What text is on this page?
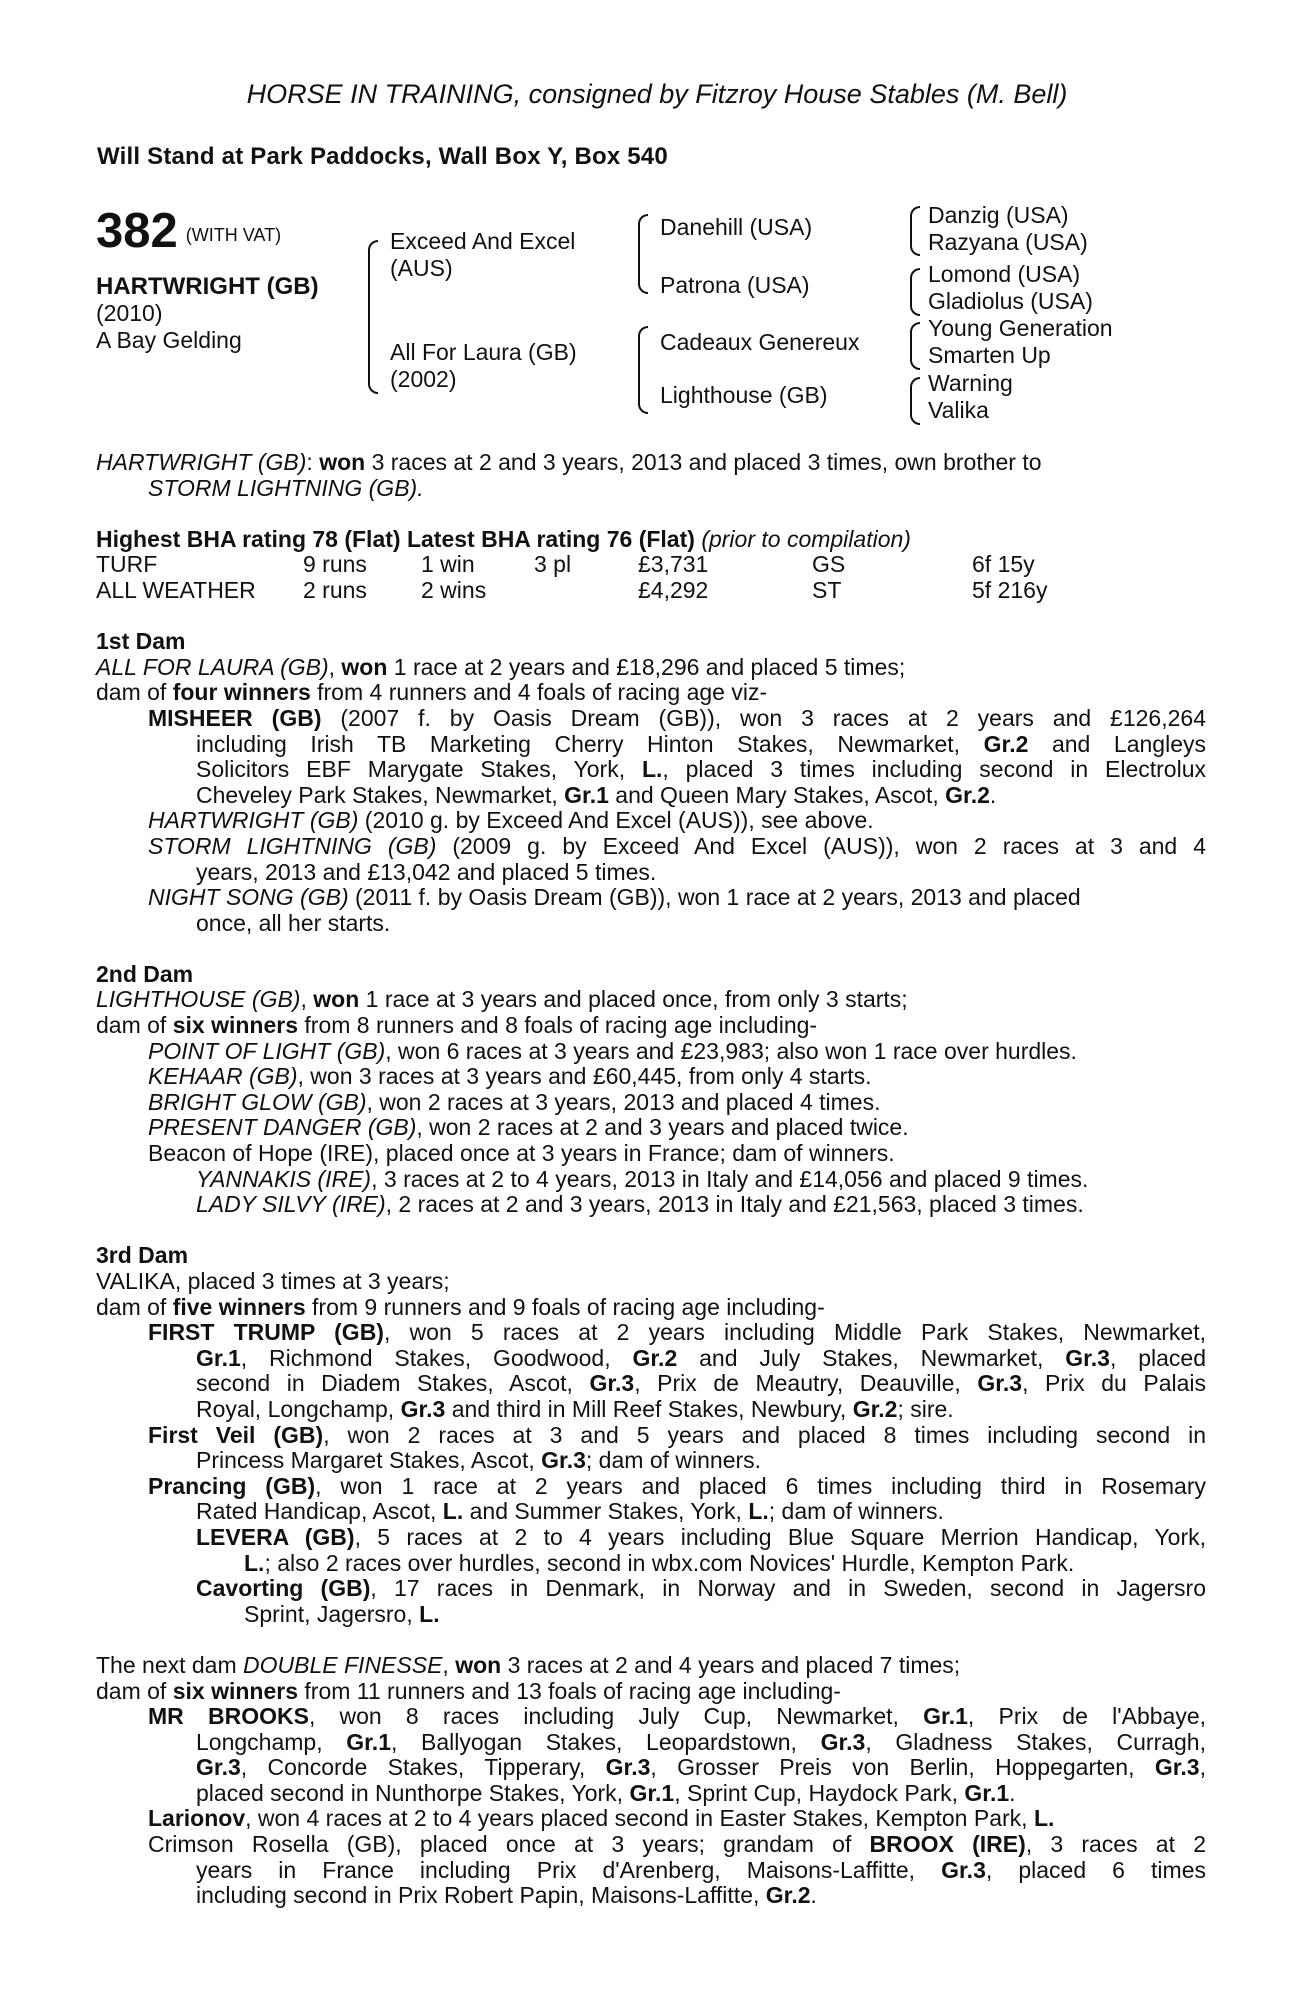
HORSE IN TRAINING, consigned by Fitzroy House Stables (M. Bell)
Will Stand at Park Paddocks, Wall Box Y, Box 540
382 (WITH VAT)
HARTWRIGHT (GB)
(2010)
A Bay Gelding
Exceed And Excel
(AUS)
All For Laura (GB)
(2002)
Danehill (USA)
Patrona (USA)
Cadeaux Genereux
Lighthouse (GB)
Danzig (USA)
Razyana (USA)
Lomond (USA)
Gladiolus (USA)
Young Generation
Smarten Up
Warning
Valika
HARTWRIGHT (GB): won 3 races at 2 and 3 years, 2013 and placed 3 times, own brother to
STORM LIGHTNING (GB).
Highest BHA rating 78 (Flat) Latest BHA rating 76 (Flat) (prior to compilation)
TURF	9 runs 1 win	3 pl	£3,731	GS	6f 15y
ALL WEATHER 2 runs 2 wins	£4,292	ST	5f 216y
1st Dam
ALL FOR LAURA (GB), won 1 race at 2 years and £18,296 and placed 5 times;
dam of four winners from 4 runners and 4 foals of racing age viz-
MISHEER (GB) (2007 f. by Oasis Dream (GB)), won 3 races at 2 years and £126,264
including Irish TB Marketing Cherry Hinton Stakes, Newmarket, Gr.2 and Langleys
Solicitors EBF Marygate Stakes, York, L., placed 3 times including second in Electrolux
Cheveley Park Stakes, Newmarket, Gr.1 and Queen Mary Stakes, Ascot, Gr.2.
HARTWRIGHT (GB) (2010 g. by Exceed And Excel (AUS)), see above.
STORM LIGHTNING (GB) (2009 g. by Exceed And Excel (AUS)), won 2 races at 3 and 4
years, 2013 and £13,042 and placed 5 times.
NIGHT SONG (GB) (2011 f. by Oasis Dream (GB)), won 1 race at 2 years, 2013 and placed
once, all her starts.
2nd Dam
LIGHTHOUSE (GB), won 1 race at 3 years and placed once, from only 3 starts;
dam of six winners from 8 runners and 8 foals of racing age including-
POINT OF LIGHT (GB), won 6 races at 3 years and £23,983; also won 1 race over hurdles.
KEHAAR (GB), won 3 races at 3 years and £60,445, from only 4 starts.
BRIGHT GLOW (GB), won 2 races at 3 years, 2013 and placed 4 times.
PRESENT DANGER (GB), won 2 races at 2 and 3 years and placed twice.
Beacon of Hope (IRE), placed once at 3 years in France; dam of winners.
YANNAKIS (IRE), 3 races at 2 to 4 years, 2013 in Italy and £14,056 and placed 9 times.
LADY SILVY (IRE), 2 races at 2 and 3 years, 2013 in Italy and £21,563, placed 3 times.
3rd Dam
VALIKA, placed 3 times at 3 years;
dam of five winners from 9 runners and 9 foals of racing age including-
FIRST TRUMP (GB), won 5 races at 2 years including Middle Park Stakes, Newmarket,
Gr.1, Richmond Stakes, Goodwood, Gr.2 and July Stakes, Newmarket, Gr.3, placed
second in Diadem Stakes, Ascot, Gr.3, Prix de Meautry, Deauville, Gr.3, Prix du Palais
Royal, Longchamp, Gr.3 and third in Mill Reef Stakes, Newbury, Gr.2; sire.
First Veil (GB), won 2 races at 3 and 5 years and placed 8 times including second in
Princess Margaret Stakes, Ascot, Gr.3; dam of winners.
Prancing (GB), won 1 race at 2 years and placed 6 times including third in Rosemary
Rated Handicap, Ascot, L. and Summer Stakes, York, L.; dam of winners.
LEVERA (GB), 5 races at 2 to 4 years including Blue Square Merrion Handicap, York,
L.; also 2 races over hurdles, second in wbx.com Novices' Hurdle, Kempton Park.
Cavorting (GB), 17 races in Denmark, in Norway and in Sweden, second in Jagersro
Sprint, Jagersro, L.
The next dam DOUBLE FINESSE, won 3 races at 2 and 4 years and placed 7 times;
dam of six winners from 11 runners and 13 foals of racing age including-
MR BROOKS, won 8 races including July Cup, Newmarket, Gr.1, Prix de l'Abbaye,
Longchamp, Gr.1, Ballyogan Stakes, Leopardstown, Gr.3, Gladness Stakes, Curragh,
Gr.3, Concorde Stakes, Tipperary, Gr.3, Grosser Preis von Berlin, Hoppegarten, Gr.3,
placed second in Nunthorpe Stakes, York, Gr.1, Sprint Cup, Haydock Park, Gr.1.
Larionov, won 4 races at 2 to 4 years placed second in Easter Stakes, Kempton Park, L.
Crimson Rosella (GB), placed once at 3 years; grandam of BROOX (IRE), 3 races at 2
years in France including Prix d'Arenberg, Maisons-Laffitte, Gr.3, placed 6 times
including second in Prix Robert Papin, Maisons-Laffitte, Gr.2.
